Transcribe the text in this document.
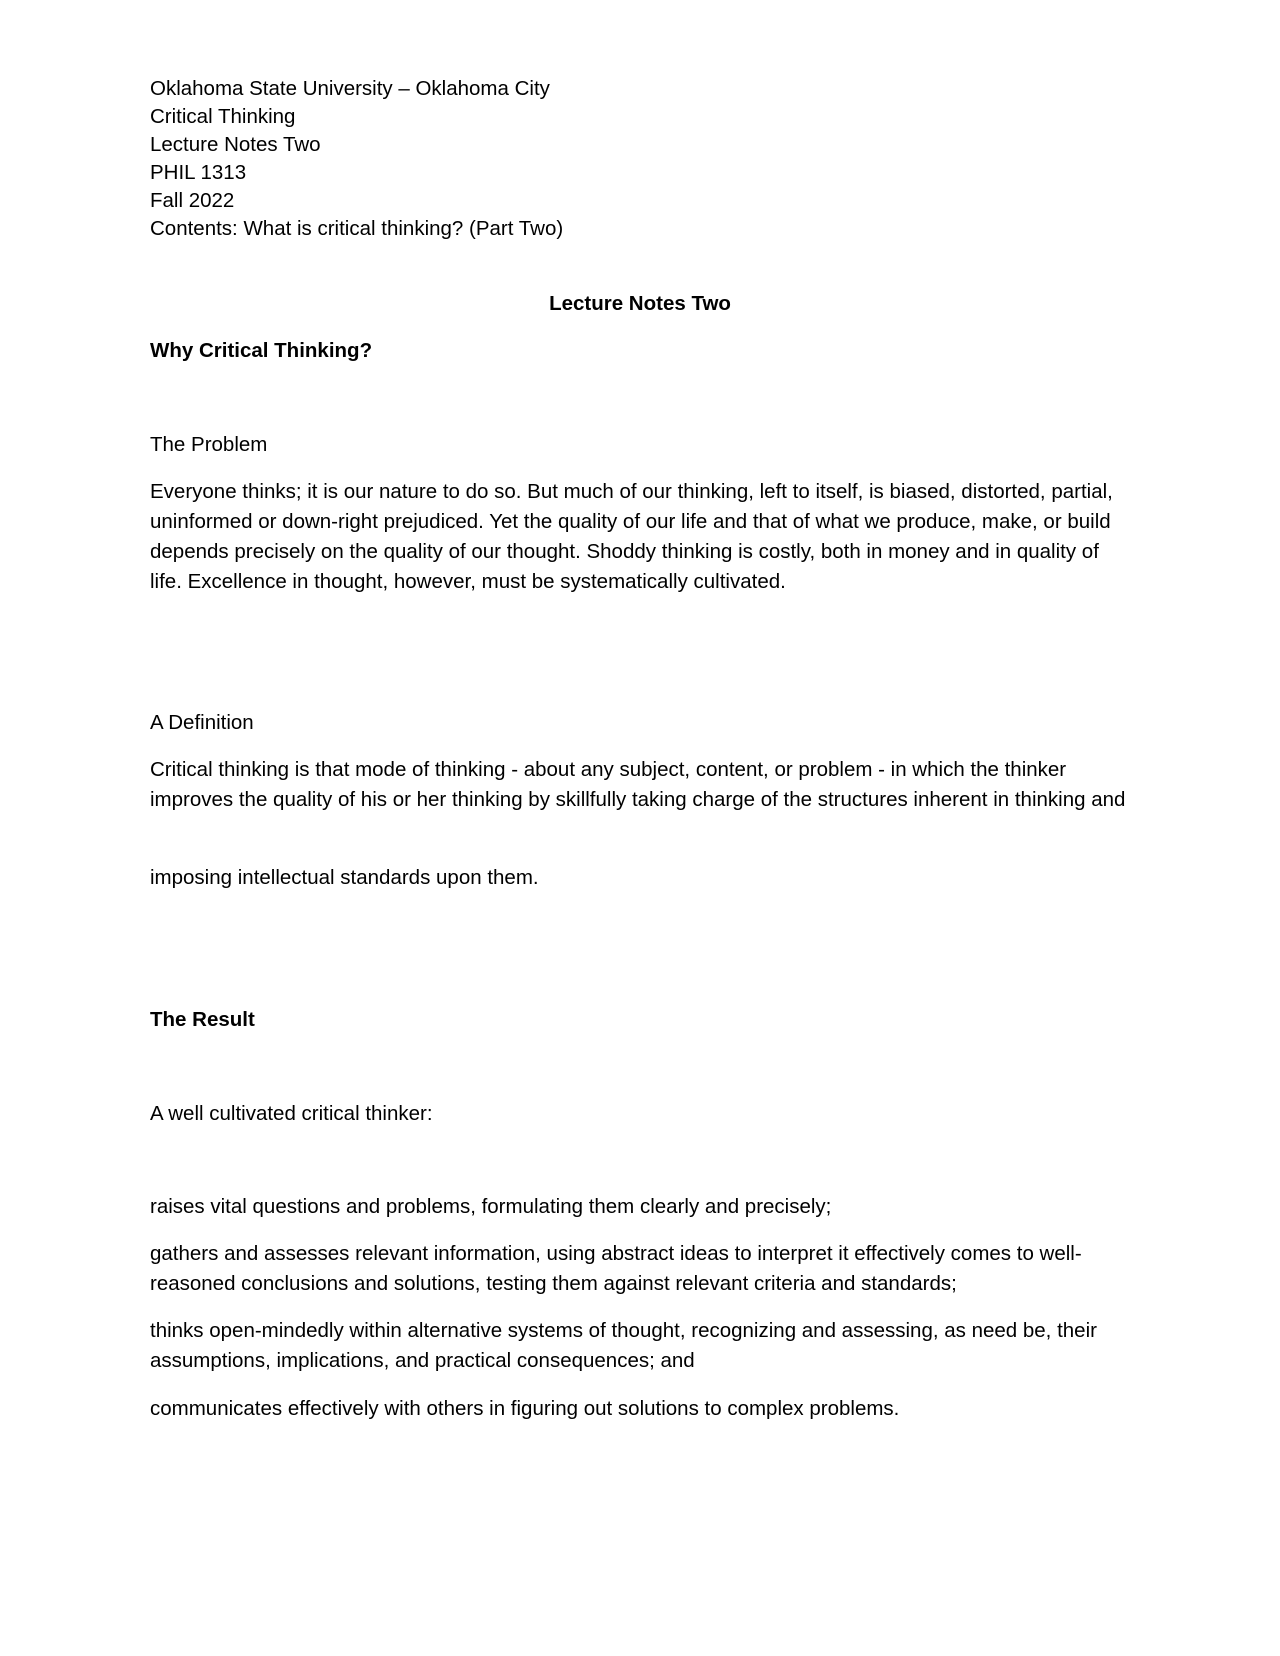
Oklahoma State University – Oklahoma City
Critical Thinking
Lecture Notes Two
PHIL 1313
Fall 2022
Contents: What is critical thinking? (Part Two)
Lecture Notes Two
Why Critical Thinking?
The Problem
Everyone thinks; it is our nature to do so. But much of our thinking, left to itself, is biased, distorted, partial, uninformed or down-right prejudiced. Yet the quality of our life and that of what we produce, make, or build depends precisely on the quality of our thought. Shoddy thinking is costly, both in money and in quality of life. Excellence in thought, however, must be systematically cultivated.
A Definition
Critical thinking is that mode of thinking - about any subject, content, or problem - in which the thinker improves the quality of his or her thinking by skillfully taking charge of the structures inherent in thinking and
imposing intellectual standards upon them.
The Result
A well cultivated critical thinker:
raises vital questions and problems, formulating them clearly and precisely;
gathers and assesses relevant information, using abstract ideas to interpret it effectively comes to well-reasoned conclusions and solutions, testing them against relevant criteria and standards;
thinks open-mindedly within alternative systems of thought, recognizing and assessing, as need be, their assumptions, implications, and practical consequences; and
communicates effectively with others in figuring out solutions to complex problems.
